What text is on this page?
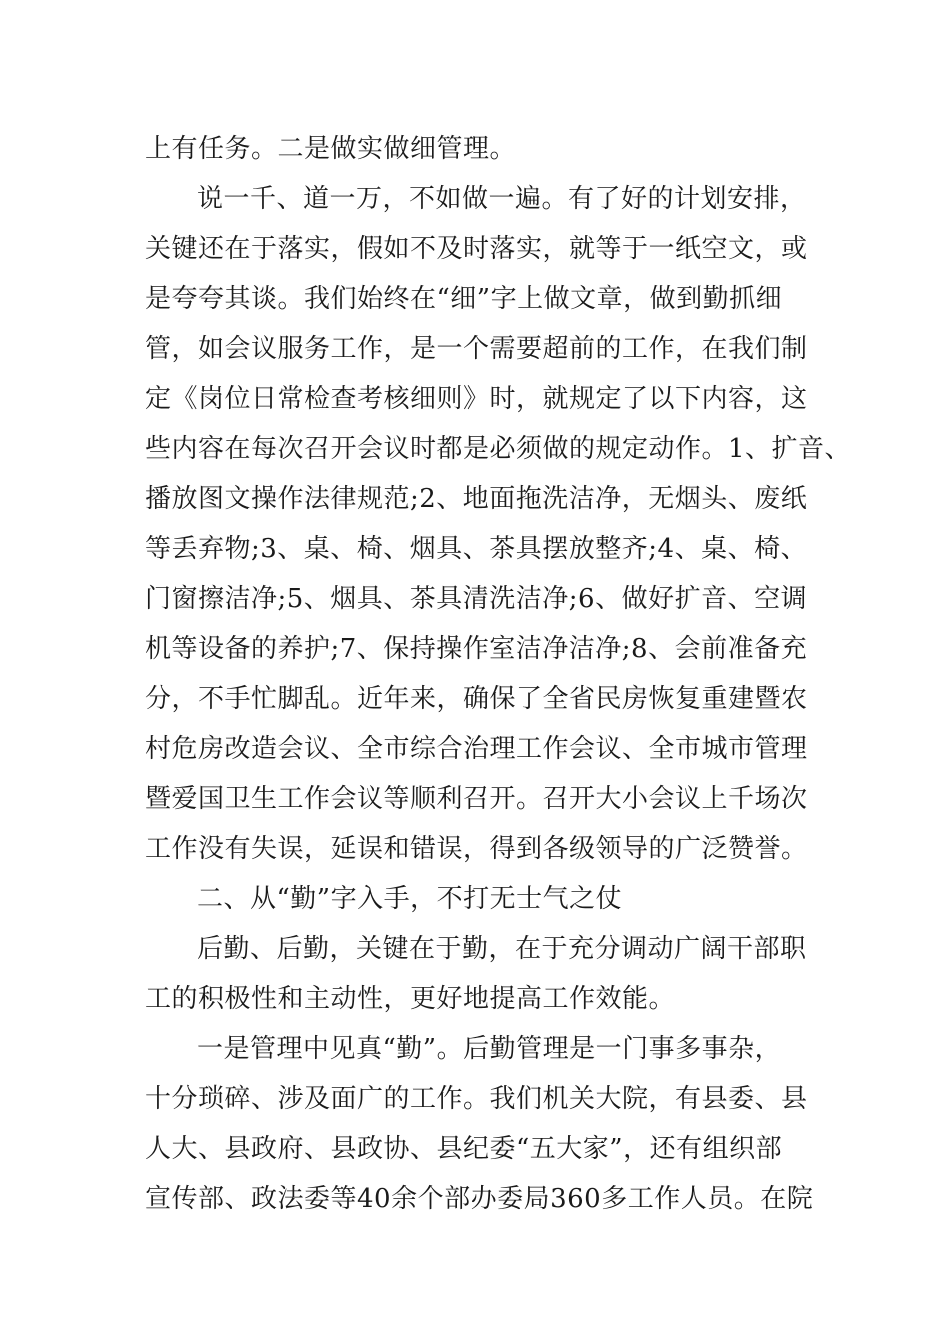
上有任务。二是做实做细管理。
说一千、道一万，不如做一遍。有了好的计划安排，
关键还在于落实，假如不及时落实，就等于一纸空文，或
是夸夸其谈。我们始终在“细”字上做文章，做到勤抓细
管，如会议服务工作，是一个需要超前的工作，在我们制
定《岗位日常检查考核细则》时，就规定了以下内容，这
些内容在每次召开会议时都是必须做的规定动作。1、扩音、
播放图文操作法律规范;2、地面拖洗洁净，无烟头、废纸
等丢弃物;3、桌、椅、烟具、茶具摆放整齐;4、桌、椅、
门窗擦洁净;5、烟具、茶具清洗洁净;6、做好扩音、空调
机等设备的养护;7、保持操作室洁净洁净;8、会前准备充
分，不手忙脚乱。近年来，确保了全省民房恢复重建暨农
村危房改造会议、全市综合治理工作会议、全市城市管理
暨爱国卫生工作会议等顺利召开。召开大小会议上千场次
工作没有失误，延误和错误，得到各级领导的广泛赞誉。
二、从“勤”字入手，不打无士气之仗
后勤、后勤，关键在于勤，在于充分调动广阔干部职
工的积极性和主动性，更好地提高工作效能。
一是管理中见真“勤”。后勤管理是一门事多事杂，
十分琐碎、涉及面广的工作。我们机关大院，有县委、县
人大、县政府、县政协、县纪委“五大家”，还有组织部
宣传部、政法委等40余个部办委局360多工作人员。在院
